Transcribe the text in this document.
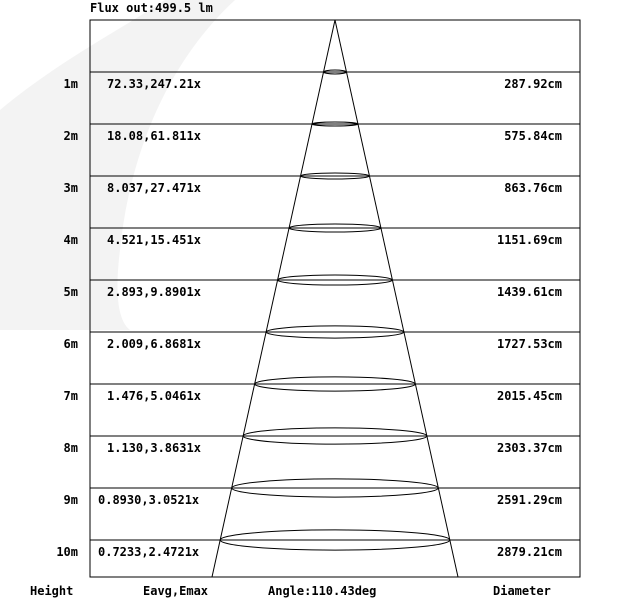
Flux out:499.5 lm
1m 72.33,247.21x	287.92cm
2m 18.08,61.811x	575.84cm
3m 8.037,27.471x	863.76cm
4m 4.521,15.451x	1151.69cm
5m 2.893,9.8901x	1439.61cm
6m 2.009,6.8681x	1727.53cm
7m 1.476,5.0461x	2015.45cm
8m 1.130,3.8631x	2303.37cm
9m 0.8930,3.0521x	2591.29cm
10m 0.7233,2.4721x	2879.21cm
Height	Eavg,Emax	Angle:110.43deg	Diameter
